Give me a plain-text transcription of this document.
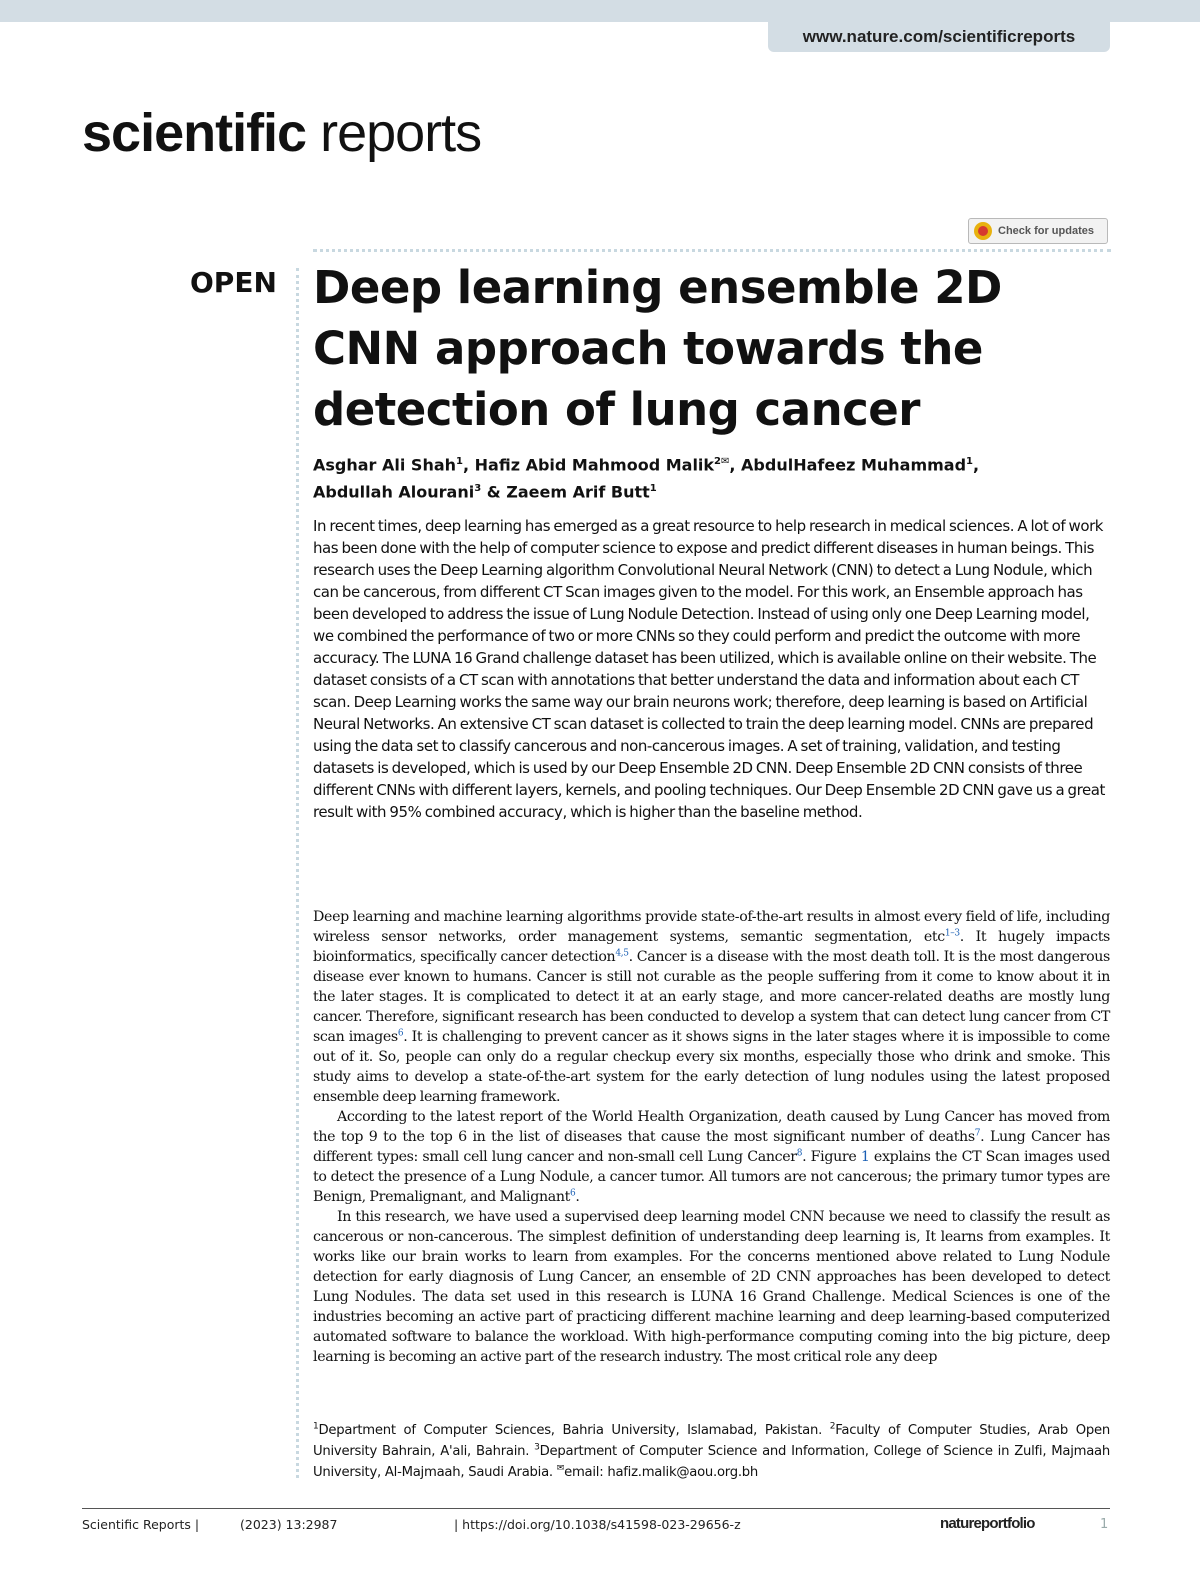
www.nature.com/scientificreports
scientific reports
Check for updates
OPEN Deep learning ensemble 2D CNN approach towards the detection of lung cancer
Asghar Ali Shah$^1$, Hafiz Abid Mahmood Malik$^{2✉}$, AbdulHafeez Muhammad$^1$,
Abdullah Alourani$^3$ & Zaeem Arif Butt$^1$

In recent times, deep learning has emerged as a great resource to help research in medical sciences. A lot of work has been done with the help of computer science to expose and predict different diseases in human beings. This research uses the Deep Learning algorithm Convolutional Neural Network (CNN) to detect a Lung Nodule, which can be cancerous, from different CT Scan images given to the model. For this work, an Ensemble approach has been developed to address the issue of Lung Nodule Detection. Instead of using only one Deep Learning model, we combined the performance of two or more CNNs so they could perform and predict the outcome with more accuracy. The LUNA 16 Grand challenge dataset has been utilized, which is available online on their website. The dataset consists of a CT scan with annotations that better understand the data and information about each CT scan. Deep Learning works the same way our brain neurons work; therefore, deep learning is based on Artificial Neural Networks. An extensive CT scan dataset is collected to train the deep learning model. CNNs are prepared using the data set to classify cancerous and non-cancerous images. A set of training, validation, and testing datasets is developed, which is used by our Deep Ensemble 2D CNN. Deep Ensemble 2D CNN consists of three different CNNs with different layers, kernels, and pooling techniques. Our Deep Ensemble 2D CNN gave us a great result with 95% combined accuracy, which is higher than the baseline method.

Deep learning and machine learning algorithms provide state-of-the-art results in almost every field of life, including wireless sensor networks, order management systems, semantic segmentation, etc$^{1-3}$. It hugely impacts bioinformatics, specifically cancer detection$^{4,5}$. Cancer is a disease with the most death toll. It is the most dangerous disease ever known to humans. Cancer is still not curable as the people suffering from it come to know about it in the later stages. It is complicated to detect it at an early stage, and more cancer-related deaths are mostly lung cancer. Therefore, significant research has been conducted to develop a system that can detect lung cancer from CT scan images$^6$. It is challenging to prevent cancer as it shows signs in the later stages where it is impossible to come out of it. So, people can only do a regular checkup every six months, especially those who drink and smoke. This study aims to develop a state-of-the-art system for the early detection of lung nodules using the latest proposed ensemble deep learning framework.

According to the latest report of the World Health Organization, death caused by Lung Cancer has moved from the top 9 to the top 6 in the list of diseases that cause the most significant number of deaths$^7$. Lung Cancer has different types: small cell lung cancer and non-small cell Lung Cancer$^8$. Figure 1 explains the CT Scan images used to detect the presence of a Lung Nodule, a cancer tumor. All tumors are not cancerous; the primary tumor types are Benign, Premalignant, and Malignant$^6$.

In this research, we have used a supervised deep learning model CNN because we need to classify the result as cancerous or non-cancerous. The simplest definition of understanding deep learning is, It learns from examples. It works like our brain works to learn from examples. For the concerns mentioned above related to Lung Nodule detection for early diagnosis of Lung Cancer, an ensemble of 2D CNN approaches has been developed to detect Lung Nodules. The data set used in this research is LUNA 16 Grand Challenge. Medical Sciences is one of the industries becoming an active part of practicing different machine learning and deep learning-based computerized automated software to balance the workload. With high-performance computing coming into the big picture, deep learning is becoming an active part of the research industry. The most critical role any deep

$^1$Department of Computer Sciences, Bahria University, Islamabad, Pakistan. $^2$Faculty of Computer Studies, Arab Open University Bahrain, A'ali, Bahrain. $^3$Department of Computer Science and Information, College of Science in Zulfi, Majmaah University, Al-Majmaah, Saudi Arabia. ✉email: hafiz.malik@aou.org.bh
Scientific Reports |	(2023) 13:2987	| https://doi.org/10.1038/s41598-023-29656-z	natureportfolio	1
